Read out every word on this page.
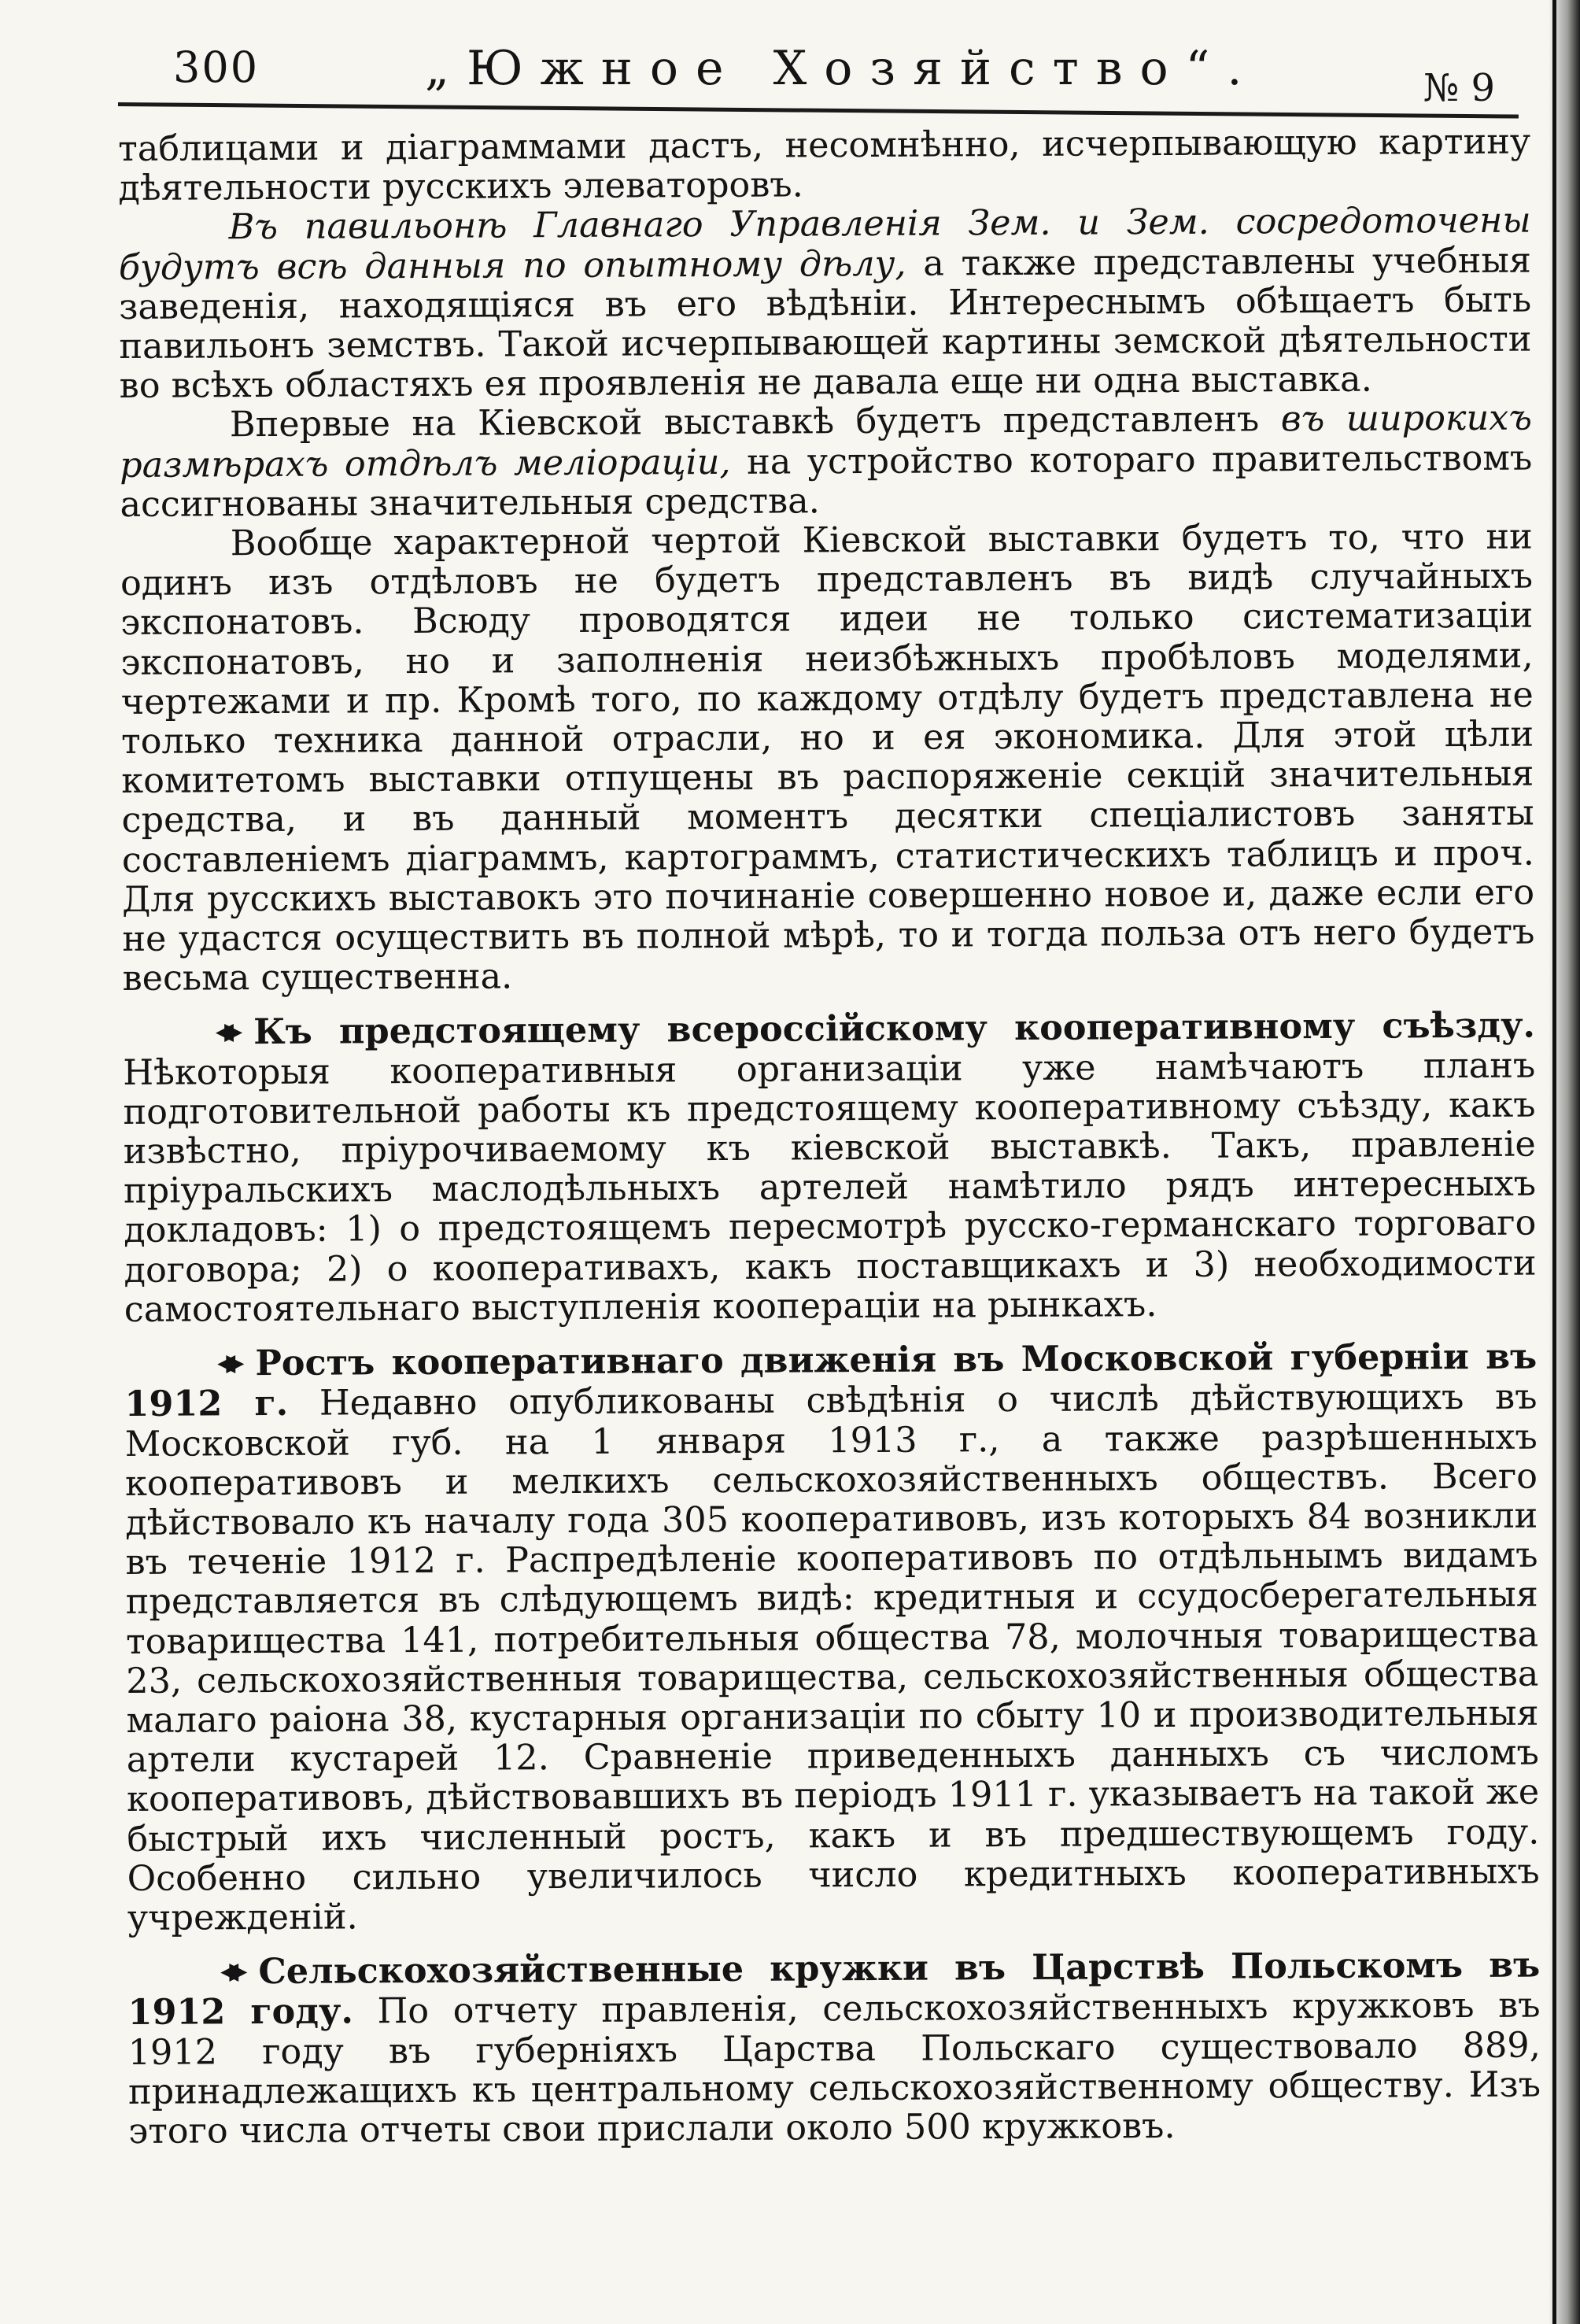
300	„Южное Хозяйство“.	№ 9

таблицами и діаграммами дастъ, несомнѣнно, исчерпывающую картину дѣятельности русскихъ элеваторовъ.

Въ павильонѣ Главнаго Управленія Зем. и Зем. сосредоточены будутъ всѣ данныя по опытному дѣлу, а также представлены учебныя заведенія, находящіяся въ его вѣдѣніи. Интереснымъ обѣщаетъ быть павильонъ земствъ. Такой исчерпывающей картины земской дѣятельности во всѣхъ областяхъ ея проявленія не давала еще ни одна выставка.

Впервые на Кіевской выставкѣ будетъ представленъ въ широкихъ размѣрахъ отдѣлъ мелiорацiи, на устройство котораго правительствомъ ассигнованы значительныя средства.

Вообще характерной чертой Кіевской выставки будетъ то, что ни одинъ изъ отдѣловъ не будетъ представленъ въ видѣ случайныхъ экспонатовъ. Всюду проводятся идеи не только систематизаціи экспонатовъ, но и заполненія неизбѣжныхъ пробѣловъ моделями, чертежами и пр. Кромѣ того, по каждому отдѣлу будетъ представлена не только техника данной отрасли, но и ея экономика. Для этой цѣли комитетомъ выставки отпущены въ распоряженіе секцій значительныя средства, и въ данный моментъ десятки спеціалистовъ заняты составленіемъ діаграммъ, картограммъ, статистическихъ таблицъ и проч. Для русскихъ выставокъ это починаніе совершенно новое и, даже если его не удастся осуществить въ полной мѣрѣ, то и тогда польза отъ него будетъ весьма существенна.

◀▶ Къ предстоящему всероссійскому кооперативному съѣзду. Нѣкоторыя кооперативныя организаціи уже намѣчаютъ планъ подготовительной работы къ предстоящему кооперативному съѣзду, какъ извѣстно, пріурочиваемому къ кіевской выставкѣ. Такъ, правленіе пріуральскихъ маслодѣльныхъ артелей намѣтило рядъ интересныхъ докладовъ: 1) о предстоящемъ пересмотрѣ русско-германскаго торговаго договора; 2) о кооперативахъ, какъ поставщикахъ и 3) необходимости самостоятельнаго выступленія коопераціи на рынкахъ.

◀▶ Ростъ кооперативнаго движенія въ Московской губерніи въ 1912 г. Недавно опубликованы свѣдѣнія о числѣ дѣйствующихъ въ Московской губ. на 1 января 1913 г., а также разрѣшенныхъ кооперативовъ и мелкихъ сельскохозяйственныхъ обществъ. Всего дѣйствовало къ началу года 305 кооперативовъ, изъ которыхъ 84 возникли въ теченіе 1912 г. Распредѣленіе кооперативовъ по отдѣльнымъ видамъ представляется въ слѣдующемъ видѣ: кредитныя и ссудосберегательныя товарищества 141, потребительныя общества 78, молочныя товарищества 23, сельскохозяйственныя товарищества, сельскохозяйственныя общества малаго раіона 38, кустарныя организаціи по сбыту 10 и производительныя артели кустарей 12. Сравненіе приведенныхъ данныхъ съ числомъ кооперативовъ, дѣйствовавшихъ въ періодъ 1911 г. указываетъ на такой же быстрый ихъ численный ростъ, какъ и въ предшествующемъ году. Особенно сильно увеличилось число кредитныхъ кооперативныхъ учрежденій.

◀▶ Сельскохозяйственные кружки въ Царствѣ Польскомъ въ 1912 году. По отчету правленія, сельскохозяйственныхъ кружковъ въ 1912 году въ губерніяхъ Царства Польскаго существовало 889, принадлежащихъ къ центральному сельскохозяйственному обществу. Изъ этого числа отчеты свои прислали около 500 кружковъ.
